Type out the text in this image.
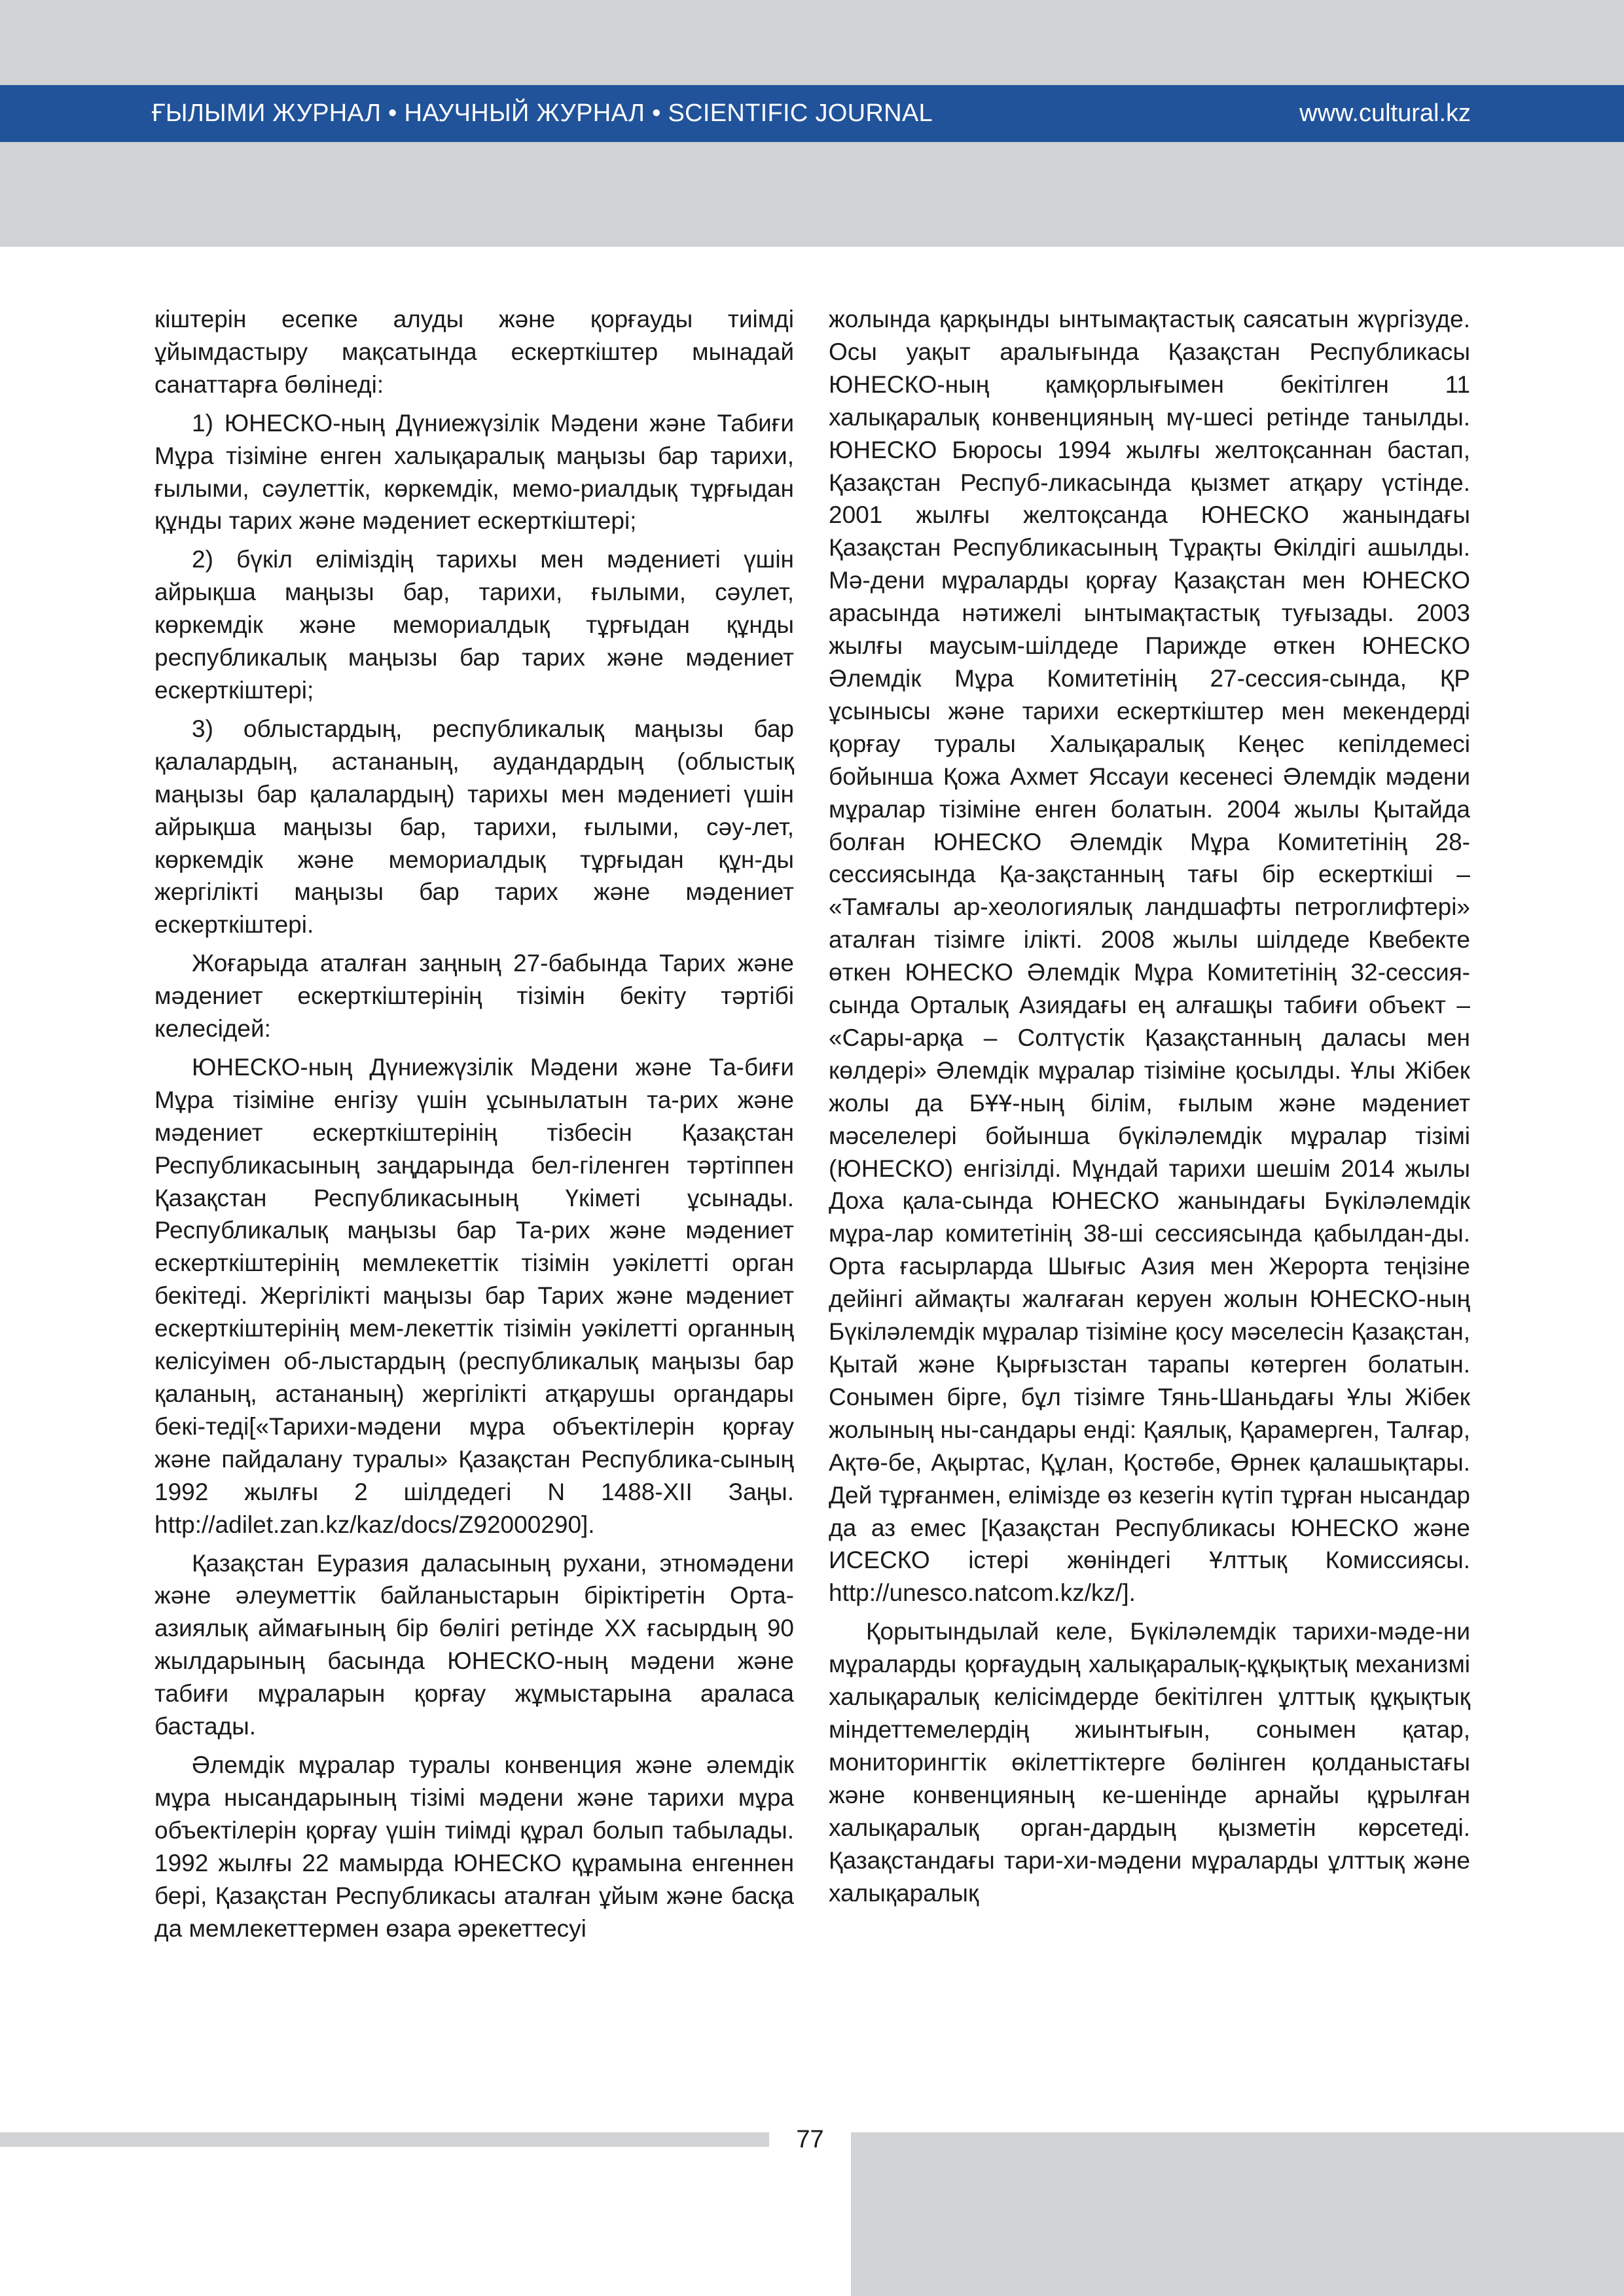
ҒЫЛЫМИ ЖУРНАЛ • НАУЧНЫЙ ЖУРНАЛ • SCIENTIFIC JOURNAL	www.cultural.kz

кiштерiн есепке алуды және қорғауды тиiмдi ұйымдастыру мақсатында ескерткiштер мынадай санаттарға бөлiнедi:

1) ЮНЕСКО-ның Дүниежүзiлiк Мәдени және Табиғи Мұра тiзiмiне енген халықаралық маңызы бар тарихи, ғылыми, сәулеттiк, көркемдiк, мемо-риалдық тұрғыдан құнды тарих және мәдениет ескерткiштерi;

2) бүкiл елiмiздiң тарихы мен мәдениетi үшiн айрықша маңызы бар, тарихи, ғылыми, сәулет, көркемдiк және мемориалдық тұрғыдан құнды республикалық маңызы бар тарих және мәдениет ескерткiштерi;

3) облыстардың, республикалық маңызы бар қалалардың, астананың, аудандардың (облыстық маңызы бар қалалардың) тарихы мен мәдениетi үшiн айрықша маңызы бар, тарихи, ғылыми, сәу-лет, көркемдiк және мемориалдық тұрғыдан құн-ды жергiлiктi маңызы бар тарих және мәдениет ескерткiштерi.

Жоғарыда аталған заңның 27-бабында Тарих және мәдениет ескерткiштерiнiң тiзiмiн бекiту тәртiбi келесiдей:

ЮНЕСКО-ның Дүниежүзiлiк Мәдени және Та-биғи Мұра тiзiмiне енгiзу үшiн ұсынылатын та-рих және мәдениет ескерткiштерiнiң тiзбесiн Қазақстан Республикасының заңдарында бел-гiленген тәртiппен Қазақстан Республикасының Үкiметi ұсынады. Республикалық маңызы бар Та-рих және мәдениет ескерткiштерiнiң мемлекеттiк тiзiмiн уәкiлеттi орган бекiтедi. Жергiлiктi маңызы бар Тарих және мәдениет ескерткiштерiнiң мем-лекеттiк тiзiмiн уәкiлеттi органның келiсуiмен об-лыстардың (республикалық маңызы бар қаланың, астананың) жергiлiктi атқарушы органдары бекi-тедi[«Тарихи-мәдени мұра объектiлерiн қорғау және пайдалану туралы» Қазақстан Республика-сының 1992 жылғы 2 шiлдедегi N 1488-XII Заңы. http://adilet.zan.kz/kaz/docs/Z92000290].

Қазақстан Еуразия даласының рухани, этномәдени және әлеуметтiк байланыстарын бiрiктiретiн Орта-азиялық аймағының бiр бөлiгi ретiнде XX ғасырдың 90 жылдарының басында ЮНЕСКО-ның мәдени және табиғи мұраларын қорғау жұмыстарына араласа бастады.

Әлемдiк мұралар туралы конвенция және әлемдiк мұра нысандарының тiзiмi мәдени және тарихи мұра объектiлерiн қорғау үшiн тиiмдi құрал болып табылады. 1992 жылғы 22 мамырда ЮНЕСКО құрамына енгеннен берi, Қазақстан Республикасы аталған ұйым және басқа да мемлекеттермен өзара әрекеттесуi

жолында қарқынды ынтымақтастық саясатын жүргiзуде. Осы уақыт аралығында Қазақстан Республикасы ЮНЕСКО-ның қамқорлығымен бекiтiлген 11 халықаралық конвенцияның мү-шесi ретiнде танылды. ЮНЕСКО Бюросы 1994 жылғы желтоқсаннан бастап, Қазақстан Респуб-ликасында қызмет атқару үстiнде. 2001 жылғы желтоқсанда ЮНЕСКО жанындағы Қазақстан Республикасының Тұрақты Өкiлдiгi ашылды. Мә-дени мұраларды қорғау Қазақстан мен ЮНЕСКО арасында нәтижелi ынтымақтастық туғызады. 2003 жылғы маусым-шiлдеде Парижде өткен ЮНЕСКО Әлемдiк Мұра Комитетiнiң 27-сессия-сында, ҚР ұсынысы және тарихи ескерткiштер мен мекендердi қорғау туралы Халықаралық Кеңес кепiлдемесi бойынша Қожа Ахмет Яссауи кесенесi Әлемдiк мәдени мұралар тiзiмiне енген болатын. 2004 жылы Қытайда болған ЮНЕСКО Әлемдiк Мұра Комитетiнiң 28-сессиясында Қа-зақстанның тағы бiр ескерткiшi – «Тамғалы ар-хеологиялық ландшафты петроглифтерi» аталған тiзiмге iлiктi. 2008 жылы шiлдеде Квебекте өткен ЮНЕСКО Әлемдiк Мұра Комитетiнiң 32-сессия-сында Орталық Азиядағы ең алғашқы табиғи объект – «Сары-арқа – Солтүстiк Қазақстанның даласы мен көлдерi» Әлемдiк мұралар тiзiмiне қосылды. Ұлы Жiбек жолы да БҰҰ-ның бiлiм, ғылым және мәдениет мәселелерi бойынша бүкiләлемдiк мұралар тiзiмi (ЮНЕСКО) енгiзiлдi. Мұндай тарихи шешiм 2014 жылы Доха қала-сында ЮНЕСКО жанындағы Бүкiләлемдiк мұра-лар комитетiнiң 38-шi сессиясында қабылдан-ды. Орта ғасырларда Шығыс Азия мен Жерорта теңiзiне дейiнгi аймақты жалғаған керуен жолын ЮНЕСКО-ның Бүкiләлемдiк мұралар тiзiмiне қосу мәселесiн Қазақстан, Қытай және Қырғызстан тарапы көтерген болатын. Сонымен бiрге, бұл тiзiмге Тянь-Шаньдағы Ұлы Жiбек жолының ны-сандары ендi: Қаялық, Қарамерген, Талғар, Ақтө-бе, Ақыртас, Құлан, Қостөбе, Өрнек қалашықтары. Дей тұрғанмен, елiмiзде өз кезегiн күтiп тұрған нысандар да аз емес [Қазақстан Республикасы ЮНЕСКО және ИСЕСКО iстерi жөнiндегi Ұлттық Комиссиясы. http://unesco.natcom.kz/kz/].

Қорытындылай келе, Бүкiләлемдiк тарихи-мәде-ни мұраларды қорғаудың халықаралық-құқықтық механизмi халықаралық келiсiмдерде бекiтiлген ұлттық құқықтық мiндеттемелердiң жиынтығын, сонымен қатар, мониторингтiк өкiлеттiктерге бөлiнген қолданыстағы және конвенцияның ке-шенiнде арнайы құрылған халықаралық орган-дардың қызметiн көрсетедi. Қазақстандағы тари-хи-мәдени мұраларды ұлттық және халықаралық

77
